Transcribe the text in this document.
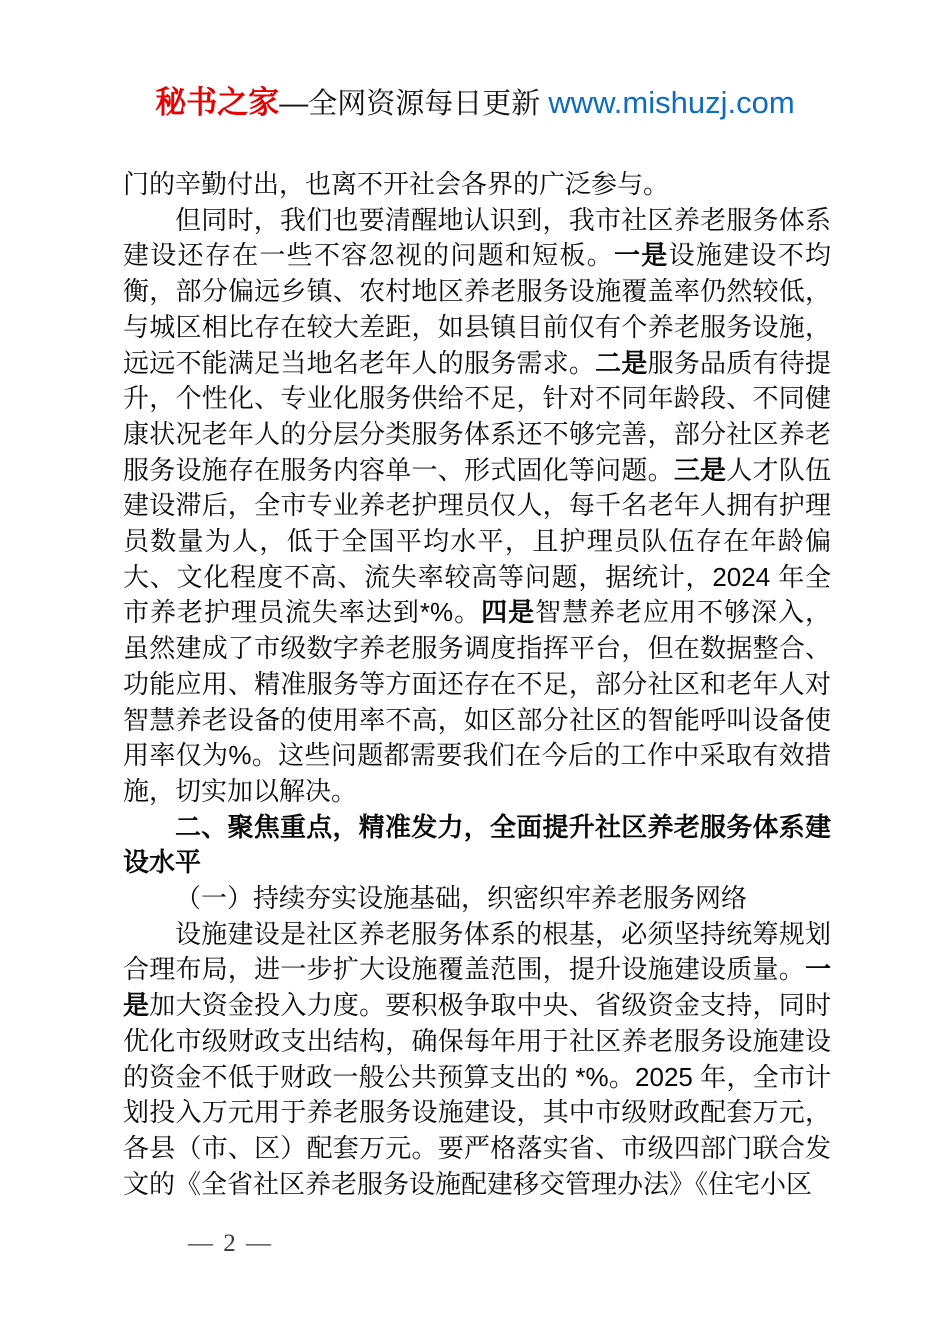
秘书之家—全网资源每日更新 www.mishuzj.com

门的辛勤付出，也离不开社会各界的广泛参与。

但同时，我们也要清醒地认识到，我市社区养老服务体系建设还存在一些不容忽视的问题和短板。一是设施建设不均衡，部分偏远乡镇、农村地区养老服务设施覆盖率仍然较低，与城区相比存在较大差距，如县镇目前仅有个养老服务设施，远远不能满足当地名老年人的服务需求。二是服务品质有待提升，个性化、专业化服务供给不足，针对不同年龄段、不同健康状况老年人的分层分类服务体系还不够完善，部分社区养老服务设施存在服务内容单一、形式固化等问题。三是人才队伍建设滞后，全市专业养老护理员仅人，每千名老年人拥有护理员数量为人，低于全国平均水平，且护理员队伍存在年龄偏大、文化程度不高、流失率较高等问题，据统计，2024 年全市养老护理员流失率达到*%。四是智慧养老应用不够深入，虽然建成了市级数字养老服务调度指挥平台，但在数据整合、功能应用、精准服务等方面还存在不足，部分社区和老年人对智慧养老设备的使用率不高，如区部分社区的智能呼叫设备使用率仅为%。这些问题都需要我们在今后的工作中采取有效措施，切实加以解决。

二、聚焦重点，精准发力，全面提升社区养老服务体系建设水平

（一）持续夯实设施基础，织密织牢养老服务网络

设施建设是社区养老服务体系的根基，必须坚持统筹规划合理布局，进一步扩大设施覆盖范围，提升设施建设质量。一是加大资金投入力度。要积极争取中央、省级资金支持，同时优化市级财政支出结构，确保每年用于社区养老服务设施建设的资金不低于财政一般公共预算支出的 *%。2025 年，全市计划投入万元用于养老服务设施建设，其中市级财政配套万元，各县（市、区）配套万元。要严格落实省、市级四部门联合发文的《全省社区养老服务设施配建移交管理办法》《住宅小区

— 2 —
